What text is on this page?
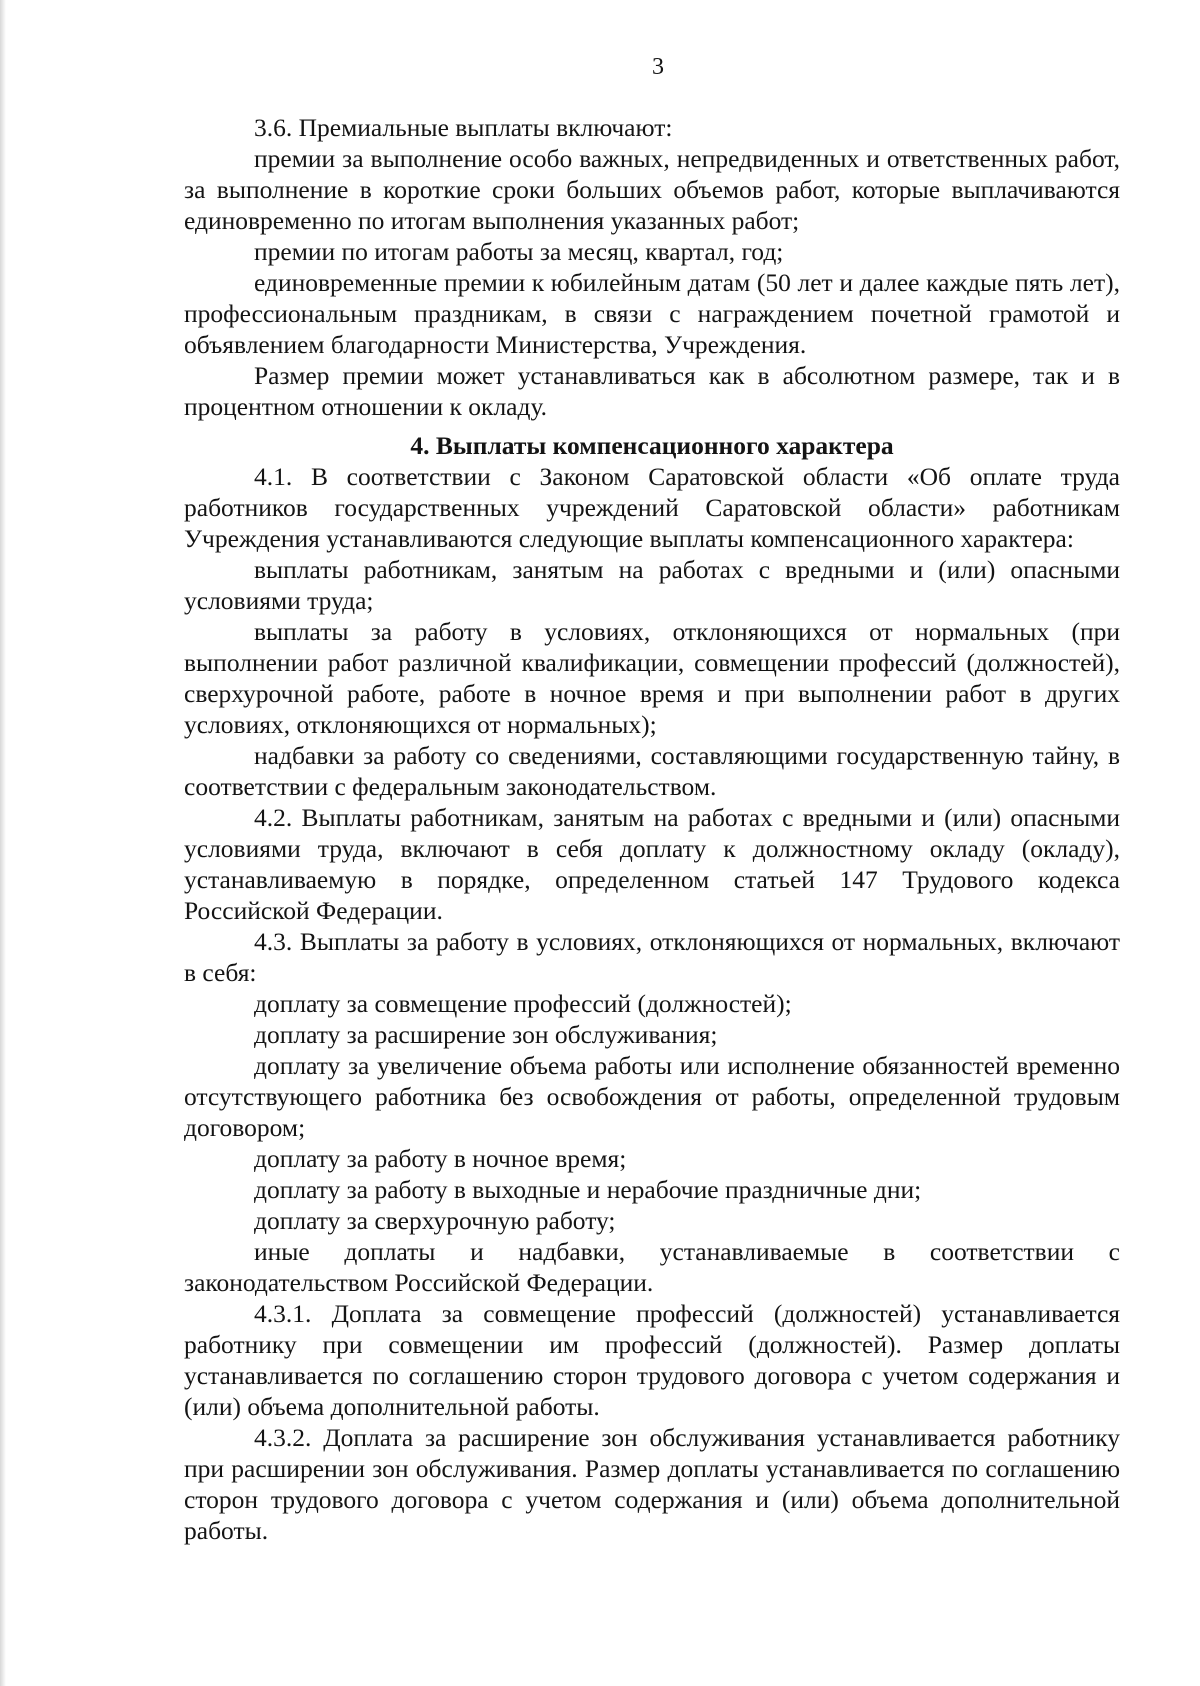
3

3.6. Премиальные выплаты включают:

премии за выполнение особо важных, непредвиденных и ответственных работ, за выполнение в короткие сроки больших объемов работ, которые выплачиваются единовременно по итогам выполнения указанных работ;

премии по итогам работы за месяц, квартал, год;

единовременные премии к юбилейным датам (50 лет и далее каждые пять лет), профессиональным праздникам, в связи с награждением почетной грамотой и объявлением благодарности Министерства, Учреждения.

Размер премии может устанавливаться как в абсолютном размере, так и в процентном отношении к окладу.

4. Выплаты компенсационного характера

4.1. В соответствии с Законом Саратовской области «Об оплате труда работников государственных учреждений Саратовской области» работникам Учреждения устанавливаются следующие выплаты компенсационного характера:

выплаты работникам, занятым на работах с вредными и (или) опасными условиями труда;

выплаты за работу в условиях, отклоняющихся от нормальных (при выполнении работ различной квалификации, совмещении профессий (должностей), сверхурочной работе, работе в ночное время и при выполнении работ в других условиях, отклоняющихся от нормальных);

надбавки за работу со сведениями, составляющими государственную тайну, в соответствии с федеральным законодательством.

4.2. Выплаты работникам, занятым на работах с вредными и (или) опасными условиями труда, включают в себя доплату к должностному окладу (окладу), устанавливаемую в порядке, определенном статьей 147 Трудового кодекса Российской Федерации.

4.3. Выплаты за работу в условиях, отклоняющихся от нормальных, включают в себя:

доплату за совмещение профессий (должностей);

доплату за расширение зон обслуживания;

доплату за увеличение объема работы или исполнение обязанностей временно отсутствующего работника без освобождения от работы, определенной трудовым договором;

доплату за работу в ночное время;

доплату за работу в выходные и нерабочие праздничные дни;

доплату за сверхурочную работу;

иные доплаты и надбавки, устанавливаемые в соответствии с законодательством Российской Федерации.

4.3.1. Доплата за совмещение профессий (должностей) устанавливается работнику при совмещении им профессий (должностей). Размер доплаты устанавливается по соглашению сторон трудового договора с учетом содержания и (или) объема дополнительной работы.

4.3.2. Доплата за расширение зон обслуживания устанавливается работнику при расширении зон обслуживания. Размер доплаты устанавливается по соглашению сторон трудового договора с учетом содержания и (или) объема дополнительной работы.
